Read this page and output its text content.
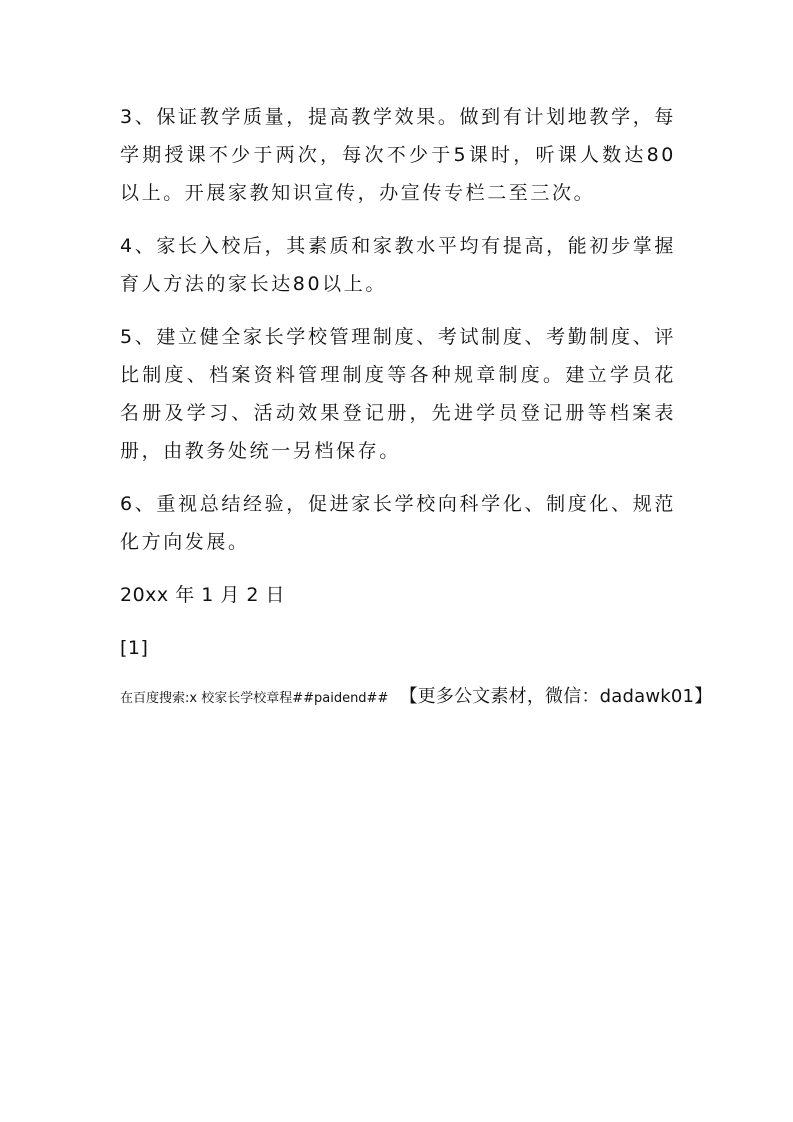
3、保证教学质量，提高教学效果。做到有计划地教学，每学期授课不少于两次，每次不少于5课时，听课人数达80以上。开展家教知识宣传，办宣传专栏二至三次。

4、家长入校后，其素质和家教水平均有提高，能初步掌握育人方法的家长达80以上。

5、建立健全家长学校管理制度、考试制度、考勤制度、评比制度、档案资料管理制度等各种规章制度。建立学员花名册及学习、活动效果登记册，先进学员登记册等档案表册，由教务处统一另档保存。

6、重视总结经验，促进家长学校向科学化、制度化、规范化方向发展。

20xx 年 1 月 2 日

[1]

在百度搜索:x 校家长学校章程##paidend## 【更多公文素材，微信：dadawk01】
